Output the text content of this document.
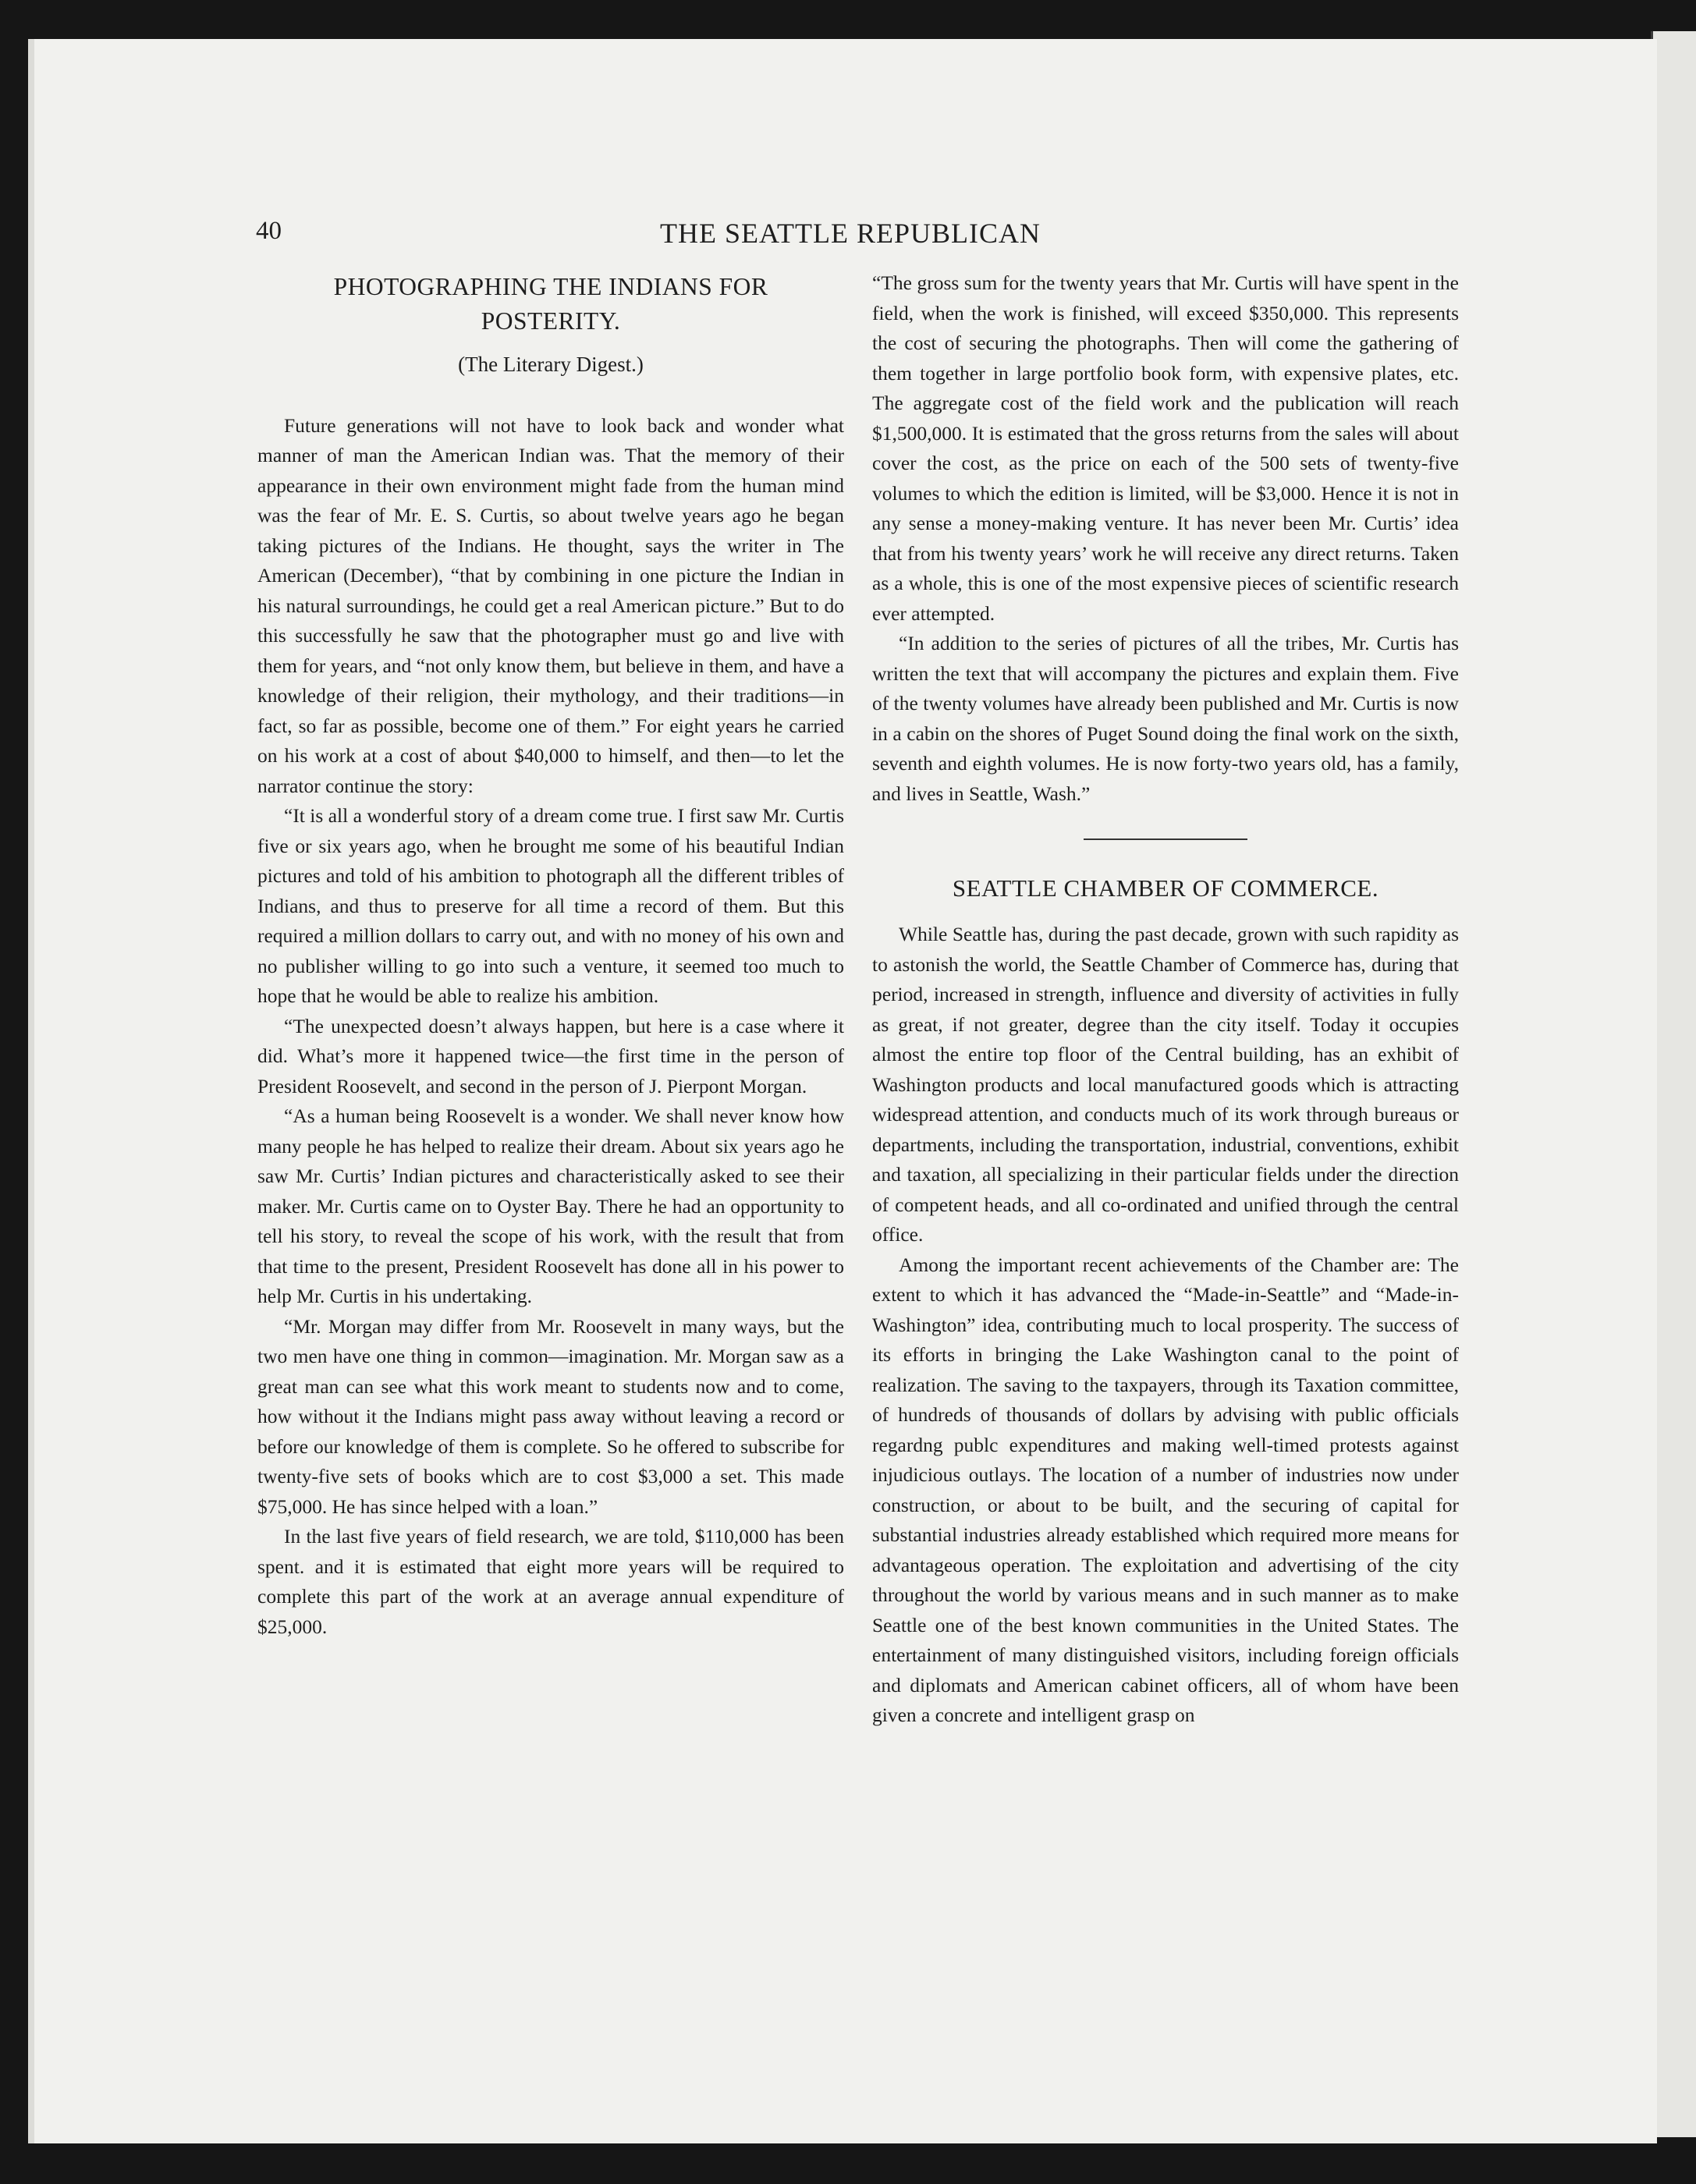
40	THE SEATTLE REPUBLICAN
PHOTOGRAPHING THE INDIANS FOR POSTERITY.
(The Literary Digest.)

Future generations will not have to look back and wonder what manner of man the American Indian was. That the memory of their appearance in their own environment might fade from the human mind was the fear of Mr. E. S. Curtis, so about twelve years ago he began taking pictures of the Indians. He thought, says the writer in The American (December), “that by combining in one picture the Indian in his natural surroundings, he could get a real American picture.” But to do this successfully he saw that the photographer must go and live with them for years, and “not only know them, but believe in them, and have a knowledge of their religion, their mythology, and their traditions—in fact, so far as possible, become one of them.” For eight years he carried on his work at a cost of about $40,000 to himself, and then—to let the narrator continue the story:

“It is all a wonderful story of a dream come true. I first saw Mr. Curtis five or six years ago, when he brought me some of his beautiful Indian pictures and told of his ambition to photograph all the different tribles of Indians, and thus to preserve for all time a record of them. But this required a million dollars to carry out, and with no money of his own and no publisher willing to go into such a venture, it seemed too much to hope that he would be able to realize his ambition.

“The unexpected doesn’t always happen, but here is a case where it did. What’s more it happened twice—the first time in the person of President Roosevelt, and second in the person of J. Pierpont Morgan.

“As a human being Roosevelt is a wonder. We shall never know how many people he has helped to realize their dream. About six years ago he saw Mr. Curtis’ Indian pictures and characteristically asked to see their maker. Mr. Curtis came on to Oyster Bay. There he had an opportunity to tell his story, to reveal the scope of his work, with the result that from that time to the present, President Roosevelt has done all in his power to help Mr. Curtis in his undertaking.

“Mr. Morgan may differ from Mr. Roosevelt in many ways, but the two men have one thing in common—imagination. Mr. Morgan saw as a great man can see what this work meant to students now and to come, how without it the Indians might pass away without leaving a record or before our knowledge of them is complete. So he offered to subscribe for twenty-five sets of books which are to cost $3,000 a set. This made $75,000. He has since helped with a loan.”

In the last five years of field research, we are told, $110,000 has been spent. and it is estimated that eight more years will be required to complete this part of the work at an average annual expenditure of $25,000.

“The gross sum for the twenty years that Mr. Curtis will have spent in the field, when the work is finished, will exceed $350,000. This represents the cost of securing the photographs. Then will come the gathering of them together in large portfolio book form, with expensive plates, etc. The aggregate cost of the field work and the publication will reach $1,500,000. It is estimated that the gross returns from the sales will about cover the cost, as the price on each of the 500 sets of twenty-five volumes to which the edition is limited, will be $3,000. Hence it is not in any sense a money-making venture. It has never been Mr. Curtis’ idea that from his twenty years’ work he will receive any direct returns. Taken as a whole, this is one of the most expensive pieces of scientific research ever attempted.

“In addition to the series of pictures of all the tribes, Mr. Curtis has written the text that will accompany the pictures and explain them. Five of the twenty volumes have already been published and Mr. Curtis is now in a cabin on the shores of Puget Sound doing the final work on the sixth, seventh and eighth volumes. He is now forty-two years old, has a family, and lives in Seattle, Wash.”

SEATTLE CHAMBER OF COMMERCE.

While Seattle has, during the past decade, grown with such rapidity as to astonish the world, the Seattle Chamber of Commerce has, during that period, increased in strength, influence and diversity of activities in fully as great, if not greater, degree than the city itself. Today it occupies almost the entire top floor of the Central building, has an exhibit of Washington products and local manufactured goods which is attracting widespread attention, and conducts much of its work through bureaus or departments, including the transportation, industrial, conventions, exhibit and taxation, all specializing in their particular fields under the direction of competent heads, and all co-ordinated and unified through the central office.

Among the important recent achievements of the Chamber are: The extent to which it has advanced the “Made-in-Seattle” and “Made-in-Washington” idea, contributing much to local prosperity. The success of its efforts in bringing the Lake Washington canal to the point of realization. The saving to the taxpayers, through its Taxation committee, of hundreds of thousands of dollars by advising with public officials regardng publc expenditures and making well-timed protests against injudicious outlays. The location of a number of industries now under construction, or about to be built, and the securing of capital for substantial industries already established which required more means for advantageous operation. The exploitation and advertising of the city throughout the world by various means and in such manner as to make Seattle one of the best known communities in the United States. The entertainment of many distinguished visitors, including foreign officials and diplomats and American cabinet officers, all of whom have been given a concrete and intelligent grasp on
